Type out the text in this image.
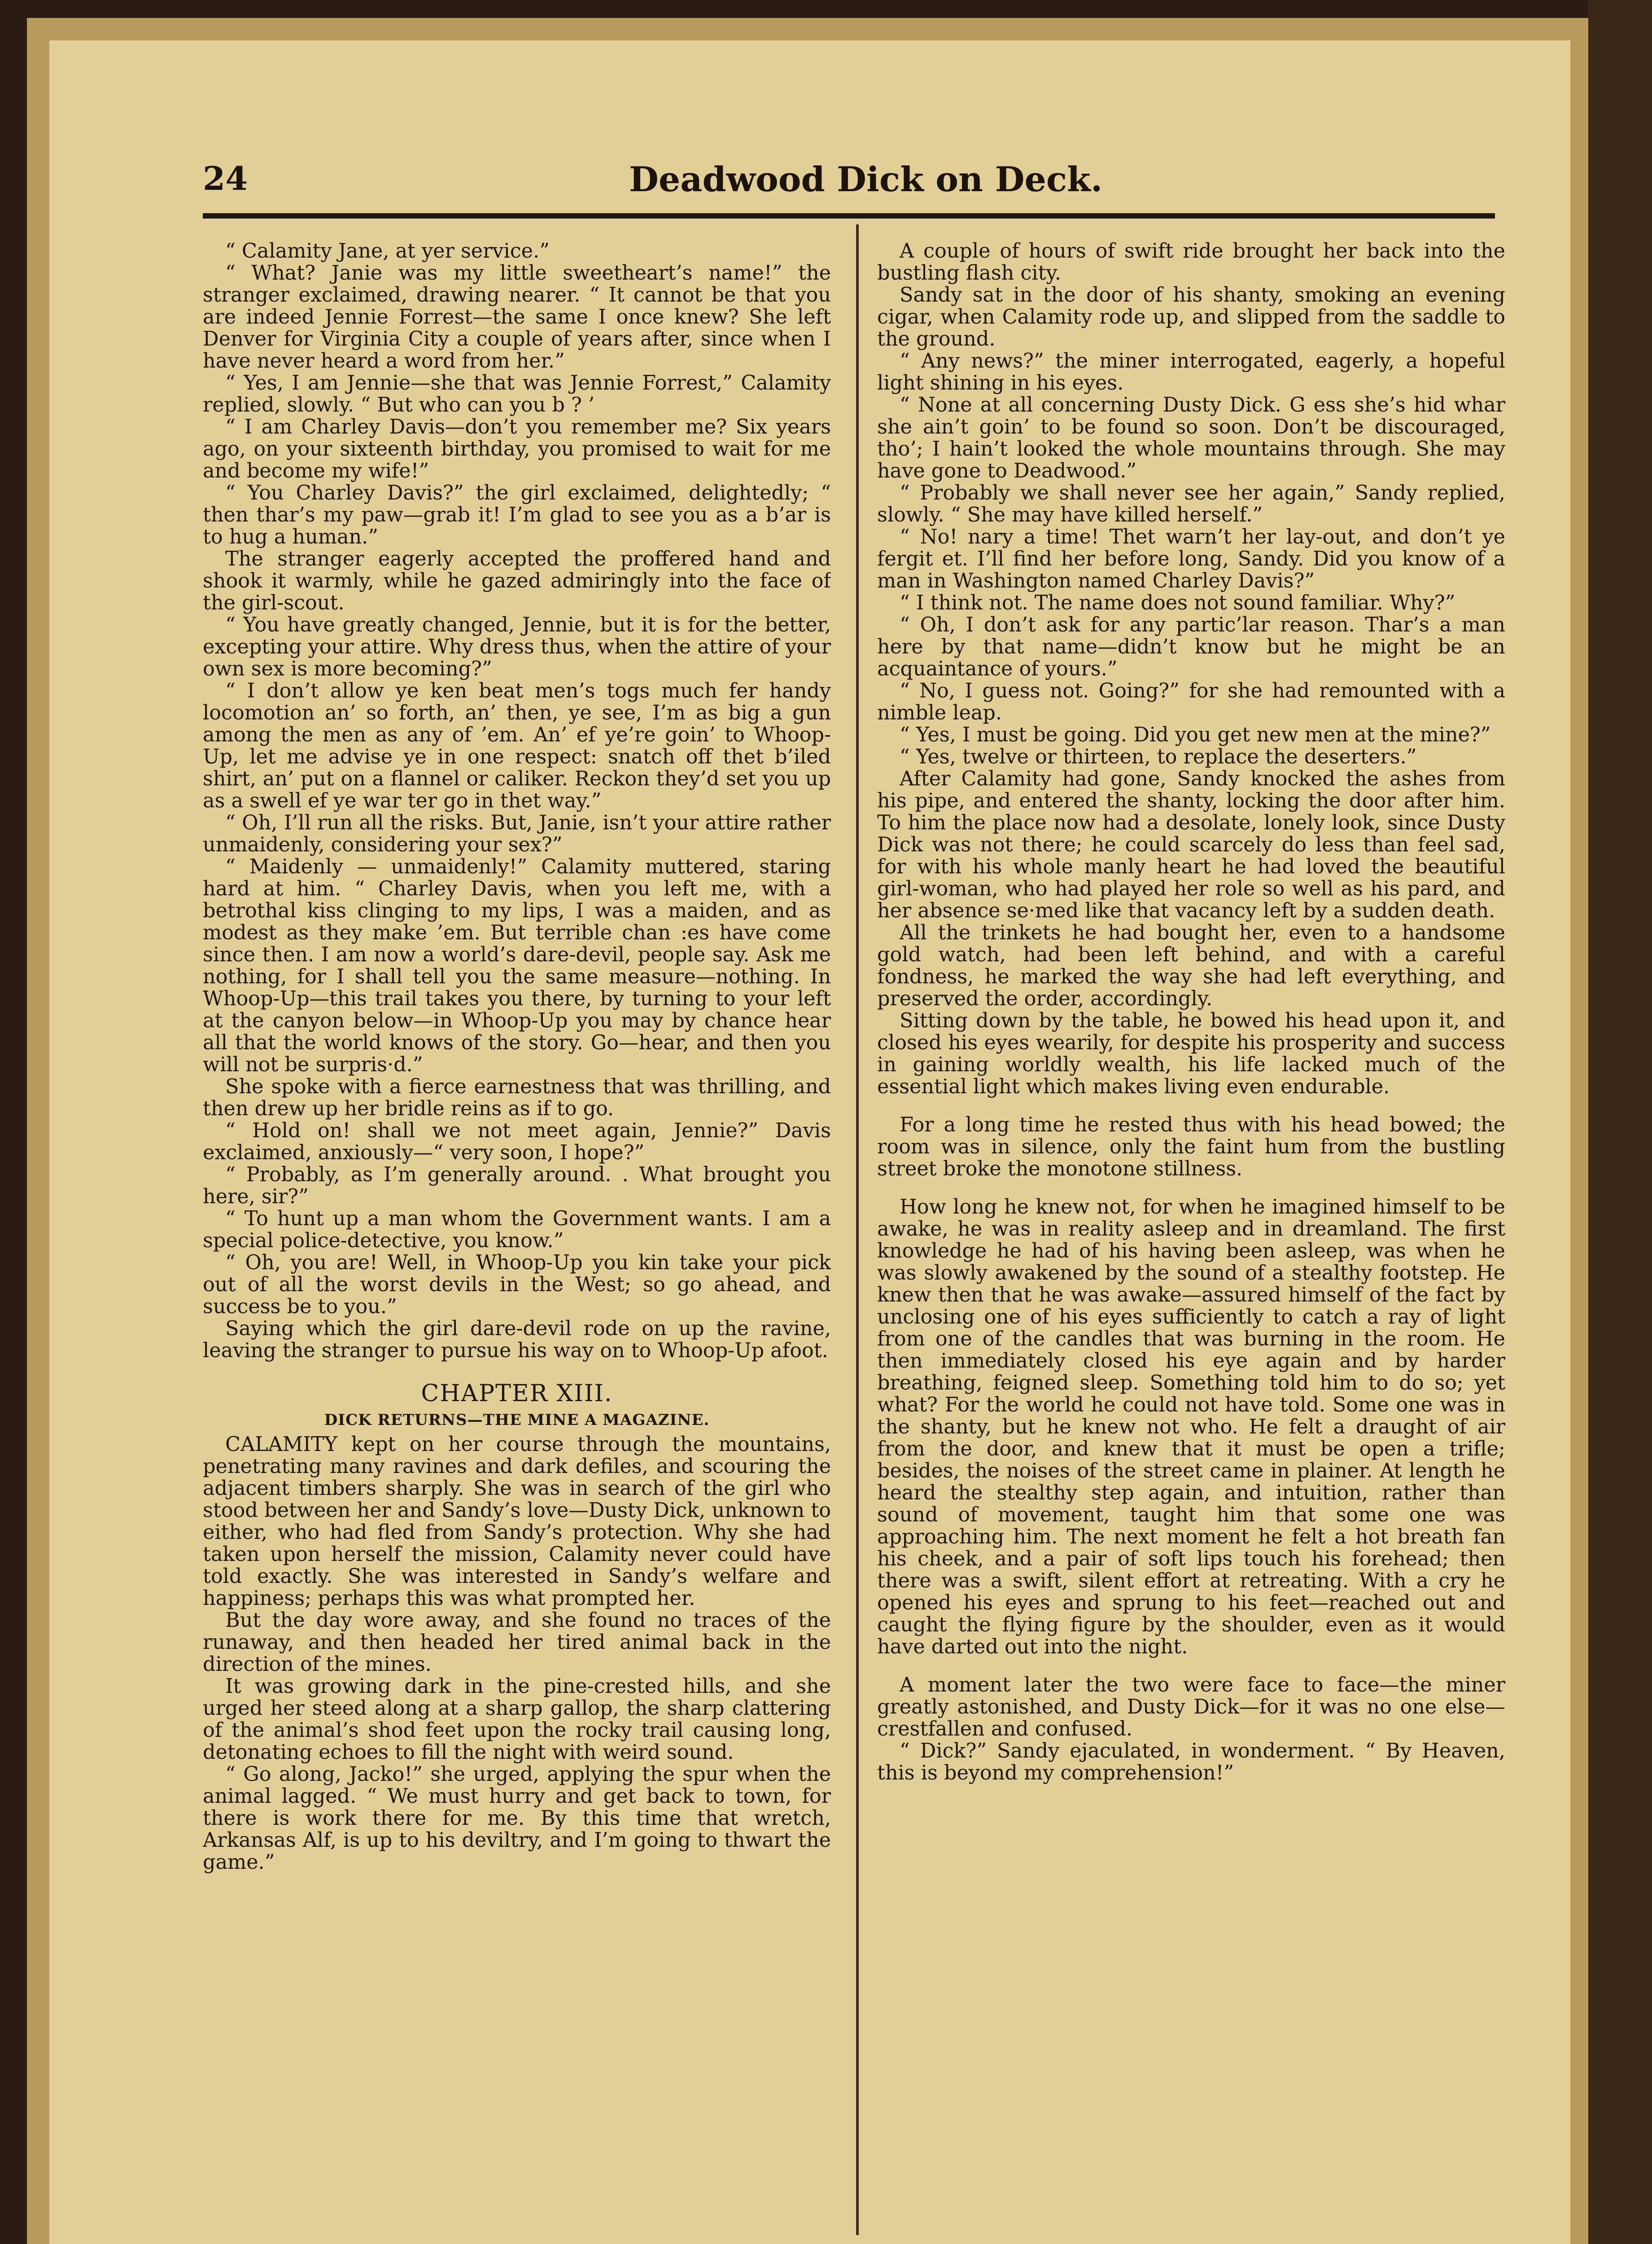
24	Deadwood Dick on Deck.

“ Calamity Jane, at yer service.”

“ What? Janie was my little sweetheart’s name!” the stranger exclaimed, drawing nearer. “ It cannot be that you are indeed Jennie Forrest—the same I once knew? She left Denver for Virginia City a couple of years after, since when I have never heard a word from her.”

“ Yes, I am Jennie—she that was Jennie Forrest,” Calamity replied, slowly. “ But who can you b ? ’

“ I am Charley Davis—don’t you remember me? Six years ago, on your sixteenth birthday, you promised to wait for me and become my wife!”

“ You Charley Davis?” the girl exclaimed, delightedly; “ then thar’s my paw—grab it! I’m glad to see you as a b’ar is to hug a human.”

The stranger eagerly accepted the proffered hand and shook it warmly, while he gazed admiringly into the face of the girl-scout.

“ You have greatly changed, Jennie, but it is for the better, excepting your attire. Why dress thus, when the attire of your own sex is more becoming?”

“ I don’t allow ye ken beat men’s togs much fer handy locomotion an’ so forth, an’ then, ye see, I’m as big a gun among the men as any of ’em. An’ ef ye’re goin’ to Whoop-Up, let me advise ye in one respect: snatch off thet b’iled shirt, an’ put on a flannel or caliker. Reckon they’d set you up as a swell ef ye war ter go in thet way.”

“ Oh, I’ll run all the risks. But, Janie, isn’t your attire rather unmaidenly, considering your sex?”

“ Maidenly — unmaidenly!” Calamity muttered, staring hard at him. “ Charley Davis, when you left me, with a betrothal kiss clinging to my lips, I was a maiden, and as modest as they make ’em. But terrible chan :es have come since then. I am now a world’s dare-devil, people say. Ask me nothing, for I shall tell you the same measure—nothing. In Whoop-Up—this trail takes you there, by turning to your left at the canyon below—in Whoop-Up you may by chance hear all that the world knows of the story. Go—hear, and then you will not be surpris·d.”

She spoke with a fierce earnestness that was thrilling, and then drew up her bridle reins as if to go.

“ Hold on! shall we not meet again, Jennie?” Davis exclaimed, anxiously—“ very soon, I hope?”

“ Probably, as I’m generally around. . What brought you here, sir?”

“ To hunt up a man whom the Government wants. I am a special police-detective, you know.”

“ Oh, you are! Well, in Whoop-Up you kin take your pick out of all the worst devils in the West; so go ahead, and success be to you.”

Saying which the girl dare-devil rode on up the ravine, leaving the stranger to pursue his way on to Whoop-Up afoot.

CHAPTER XIII.
DICK RETURNS—THE MINE A MAGAZINE.

CALAMITY kept on her course through the mountains, penetrating many ravines and dark defiles, and scouring the adjacent timbers sharply. She was in search of the girl who stood between her and Sandy’s love—Dusty Dick, unknown to either, who had fled from Sandy’s protection. Why she had taken upon herself the mission, Calamity never could have told exactly. She was interested in Sandy’s welfare and happiness; perhaps this was what prompted her.

But the day wore away, and she found no traces of the runaway, and then headed her tired animal back in the direction of the mines.

It was growing dark in the pine-crested hills, and she urged her steed along at a sharp gallop, the sharp clattering of the animal’s shod feet upon the rocky trail causing long, detonating echoes to fill the night with weird sound.

“ Go along, Jacko!” she urged, applying the spur when the animal lagged. “ We must hurry and get back to town, for there is work there for me. By this time that wretch, Arkansas Alf, is up to his deviltry, and I’m going to thwart the game.”

A couple of hours of swift ride brought her back into the bustling flash city.

Sandy sat in the door of his shanty, smoking an evening cigar, when Calamity rode up, and slipped from the saddle to the ground.

“ Any news?” the miner interrogated, eagerly, a hopeful light shining in his eyes.

“ None at all concerning Dusty Dick. G ess she’s hid whar she ain’t goin’ to be found so soon. Don’t be discouraged, tho’; I hain’t looked the whole mountains through. She may have gone to Deadwood.”

“ Probably we shall never see her again,” Sandy replied, slowly. “ She may have killed herself.”

“ No! nary a time! Thet warn’t her lay-out, and don’t ye fergit et. I’ll find her before long, Sandy. Did you know of a man in Washington named Charley Davis?”

“ I think not. The name does not sound familiar. Why?”

“ Oh, I don’t ask for any partic’lar reason. Thar’s a man here by that name—didn’t know but he might be an acquaintance of yours.”

“ No, I guess not. Going?” for she had remounted with a nimble leap.

“ Yes, I must be going. Did you get new men at the mine?”

“ Yes, twelve or thirteen, to replace the deserters.”

After Calamity had gone, Sandy knocked the ashes from his pipe, and entered the shanty, locking the door after him. To him the place now had a desolate, lonely look, since Dusty Dick was not there; he could scarcely do less than feel sad, for with his whole manly heart he had loved the beautiful girl-woman, who had played her role so well as his pard, and her absence se·med like that vacancy left by a sudden death.

All the trinkets he had bought her, even to a handsome gold watch, had been left behind, and with a careful fondness, he marked the way she had left everything, and preserved the order, accordingly.

Sitting down by the table, he bowed his head upon it, and closed his eyes wearily, for despite his prosperity and success in gaining worldly wealth, his life lacked much of the essential light which makes living even endurable.

For a long time he rested thus with his head bowed; the room was in silence, only the faint hum from the bustling street broke the monotone stillness.

How long he knew not, for when he imagined himself to be awake, he was in reality asleep and in dreamland. The first knowledge he had of his having been asleep, was when he was slowly awakened by the sound of a stealthy footstep. He knew then that he was awake—assured himself of the fact by unclosing one of his eyes sufficiently to catch a ray of light from one of the candles that was burning in the room. He then immediately closed his eye again and by harder breathing, feigned sleep. Something told him to do so; yet what? For the world he could not have told. Some one was in the shanty, but he knew not who. He felt a draught of air from the door, and knew that it must be open a trifle; besides, the noises of the street came in plainer. At length he heard the stealthy step again, and intuition, rather than sound of movement, taught him that some one was approaching him. The next moment he felt a hot breath fan his cheek, and a pair of soft lips touch his forehead; then there was a swift, silent effort at retreating. With a cry he opened his eyes and sprung to his feet—reached out and caught the flying figure by the shoulder, even as it would have darted out into the night.

A moment later the two were face to face—the miner greatly astonished, and Dusty Dick—for it was no one else—crestfallen and confused.

“ Dick?” Sandy ejaculated, in wonderment. “ By Heaven, this is beyond my comprehension!”
